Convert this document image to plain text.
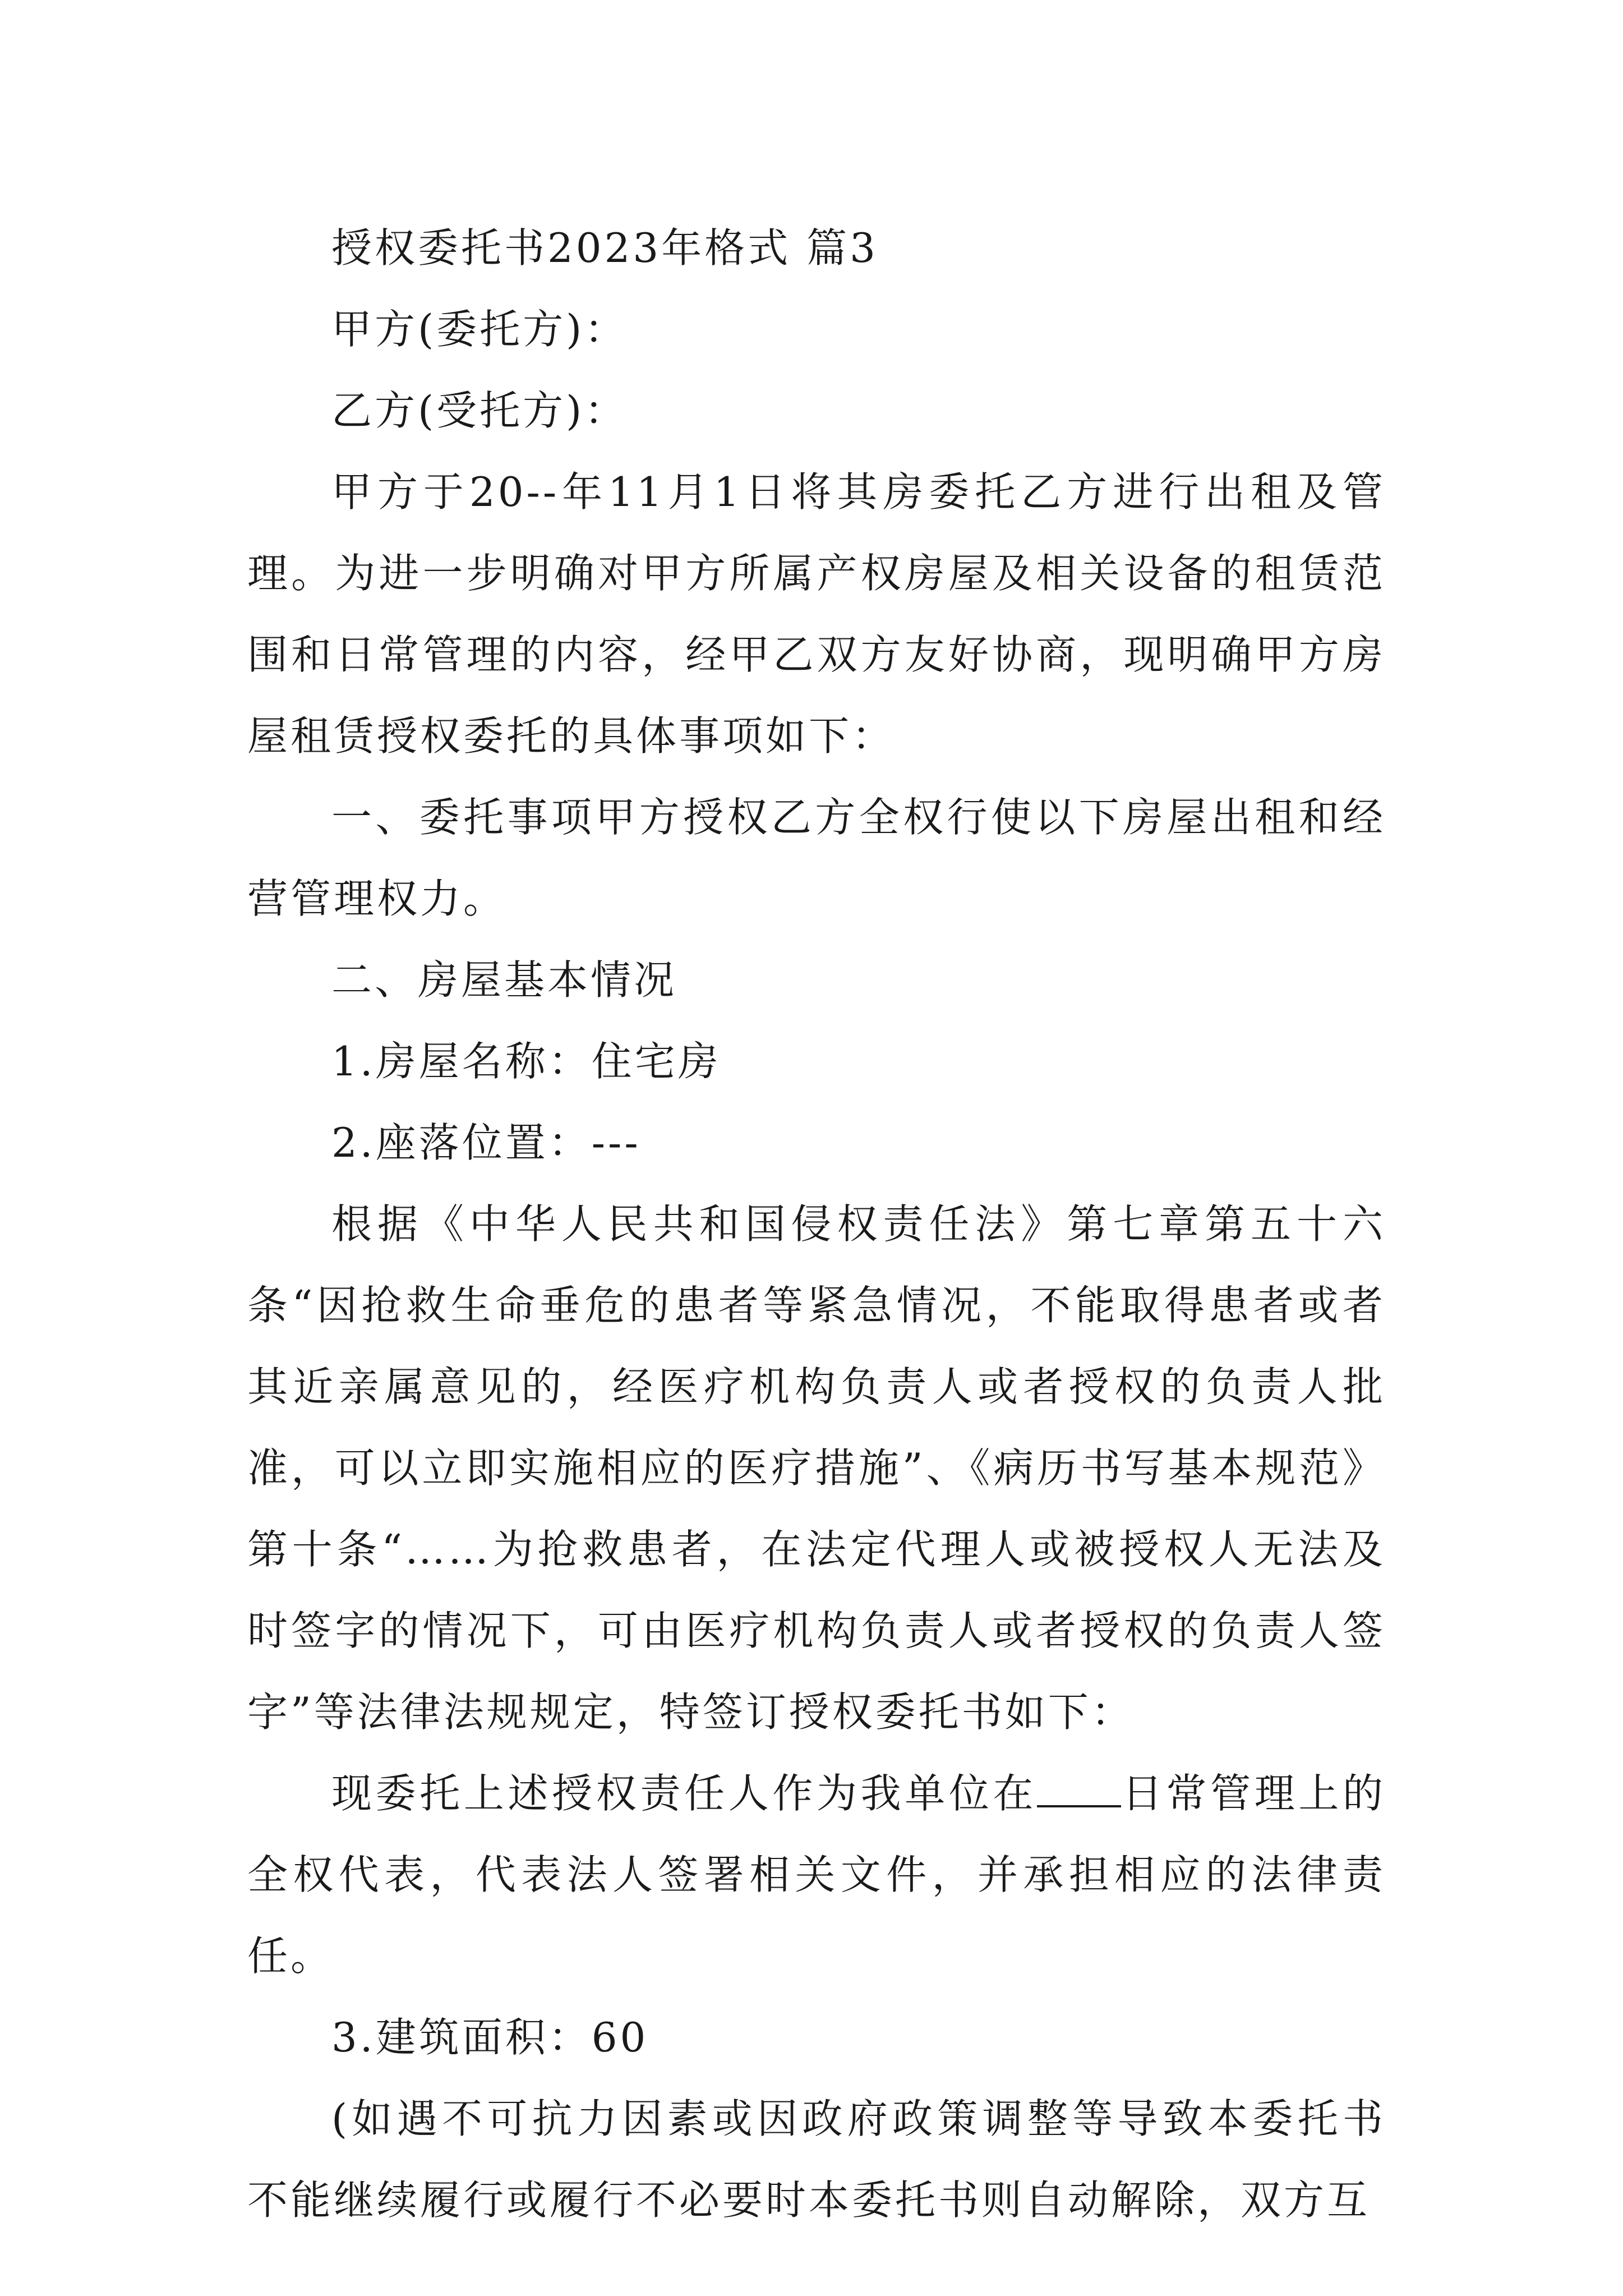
授权委托书2023年格式 篇3

甲方(委托方)：

乙方(受托方)：

甲方于20--年11月1日将其房委托乙方进行出租及管理。为进一步明确对甲方所属产权房屋及相关设备的租赁范围和日常管理的内容，经甲乙双方友好协商，现明确甲方房屋租赁授权委托的具体事项如下：

一、委托事项甲方授权乙方全权行使以下房屋出租和经营管理权力。

二、房屋基本情况

1.房屋名称：住宅房

2.座落位置：---

根据《中华人民共和国侵权责任法》第七章第五十六条“因抢救生命垂危的患者等紧急情况，不能取得患者或者其近亲属意见的，经医疗机构负责人或者授权的负责人批准，可以立即实施相应的医疗措施”、《病历书写基本规范》第十条“……为抢救患者，在法定代理人或被授权人无法及时签字的情况下，可由医疗机构负责人或者授权的负责人签字”等法律法规规定，特签订授权委托书如下：

现委托上述授权责任人作为我单位在 日常管理上的全权代表，代表法人签署相关文件，并承担相应的法律责任。

3.建筑面积：60

(如遇不可抗力因素或因政府政策调整等导致本委托书不能继续履行或履行不必要时本委托书则自动解除，双方互
